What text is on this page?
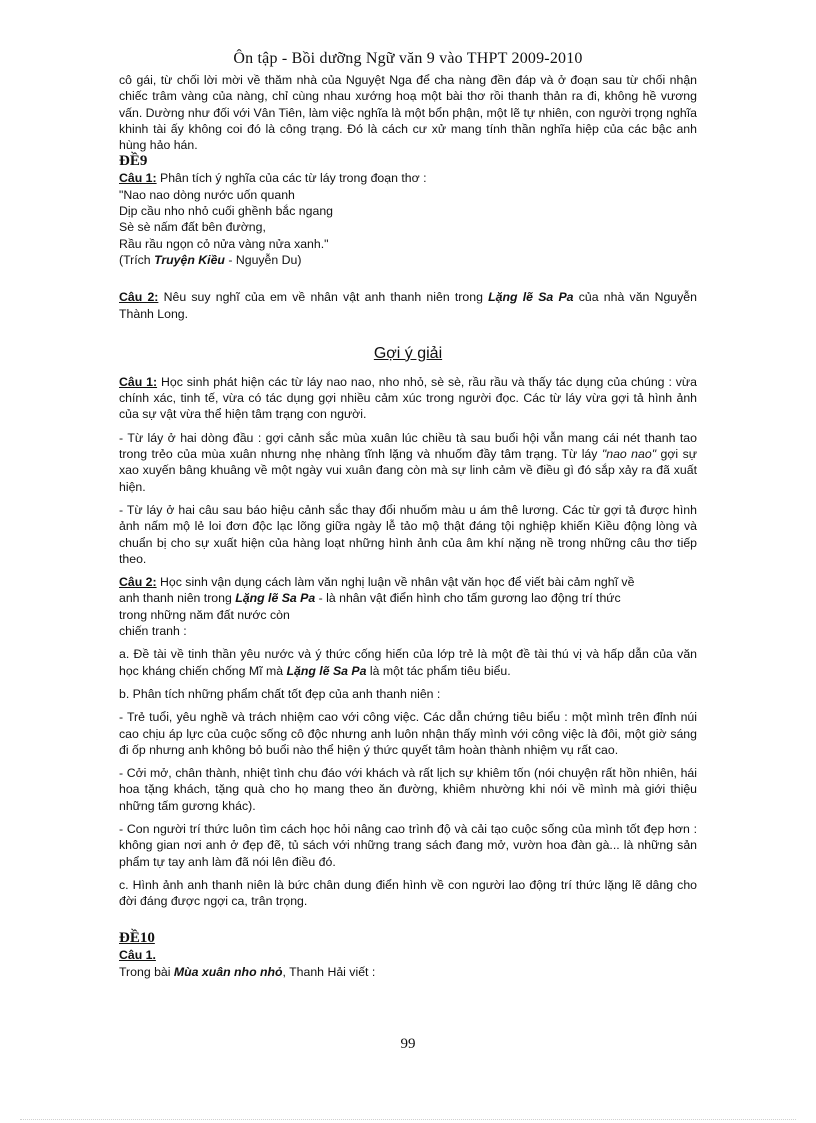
Ôn tập - Bồi dưỡng Ngữ văn 9 vào THPT 2009-2010

cô gái, từ chối lời mời về thăm nhà của Nguyệt Nga để cha nàng đền đáp và ở đoạn sau từ chối nhận chiếc trâm vàng của nàng, chỉ cùng nhau xướng hoạ một bài thơ rồi thanh thản ra đi, không hề vương vấn. Dường như đối với Vân Tiên, làm việc nghĩa là một bổn phận, một lẽ tự nhiên, con người trọng nghĩa khinh tài ấy không coi đó là công trạng. Đó là cách cư xử mang tính thần nghĩa hiệp của các bậc anh hùng hảo hán.

ĐỀ9

Câu 1: Phân tích ý nghĩa của các từ láy trong đoạn thơ :

"Nao nao dòng nước uốn quanh

Dịp cầu nho nhỏ cuối ghềnh bắc ngang

Sè sè nấm đất bên đường,

Rầu rầu ngọn cỏ nửa vàng nửa xanh."

(Trích Truyện Kiều - Nguyễn Du)

Câu 2: Nêu suy nghĩ của em về nhân vật anh thanh niên trong Lặng lẽ Sa Pa của nhà văn Nguyễn Thành Long.

Gợi ý giải

Câu 1: Học sinh phát hiện các từ láy nao nao, nho nhỏ, sè sè, rầu rầu và thấy tác dụng của chúng : vừa chính xác, tinh tế, vừa có tác dụng gợi nhiều cảm xúc trong người đọc. Các từ láy vừa gợi tả hình ảnh của sự vật vừa thể hiện tâm trạng con người.

- Từ láy ở hai dòng đầu : gợi cảnh sắc mùa xuân lúc chiều tà sau buổi hội vẫn mang cái nét thanh tao trong trẻo của mùa xuân nhưng nhẹ nhàng tĩnh lặng và nhuốm đầy tâm trạng. Từ láy "nao nao" gợi sự xao xuyến bâng khuâng về một ngày vui xuân đang còn mà sự linh cảm về điều gì đó sắp xảy ra đã xuất hiện.

- Từ láy ở hai câu sau báo hiệu cảnh sắc thay đổi nhuốm màu u ám thê lương. Các từ gợi tả được hình ảnh nấm mộ lẻ loi đơn độc lạc lõng giữa ngày lễ tảo mộ thật đáng tội nghiệp khiến Kiều động lòng và chuẩn bị cho sự xuất hiện của hàng loạt những hình ảnh của âm khí nặng nề trong những câu thơ tiếp theo.

Câu 2: Học sinh vận dụng cách làm văn nghị luận về nhân vật văn học để viết bài cảm nghĩ về
anh thanh niên trong Lặng lẽ Sa Pa - là nhân vật điển hình cho tấm gương lao động trí thức
trong những năm đất nước còn
chiến tranh :

a. Đề tài về tinh thần yêu nước và ý thức cống hiến của lớp trẻ là một đề tài thú vị và hấp dẫn của văn học kháng chiến chống Mĩ mà Lặng lẽ Sa Pa là một tác phẩm tiêu biểu.

b. Phân tích những phẩm chất tốt đẹp của anh thanh niên :

- Trẻ tuổi, yêu nghề và trách nhiệm cao với công việc. Các dẫn chứng tiêu biểu : một mình trên đỉnh núi cao chịu áp lực của cuộc sống cô độc nhưng anh luôn nhận thấy mình với công việc là đôi, một giờ sáng đi ốp nhưng anh không bỏ buổi nào thể hiện ý thức quyết tâm hoàn thành nhiệm vụ rất cao.

- Cởi mở, chân thành, nhiệt tình chu đáo với khách và rất lịch sự khiêm tốn (nói chuyện rất hồn nhiên, hái hoa tặng khách, tặng quà cho họ mang theo ăn đường, khiêm nhường khi nói về mình mà giới thiệu những tấm gương khác).

- Con người trí thức luôn tìm cách học hỏi nâng cao trình độ và cải tạo cuộc sống của mình tốt đẹp hơn : không gian nơi anh ở đẹp đẽ, tủ sách với những trang sách đang mở, vườn hoa đàn gà... là những sản phẩm tự tay anh làm đã nói lên điều đó.

c. Hình ảnh anh thanh niên là bức chân dung điển hình về con người lao động trí thức lặng lẽ dâng cho đời đáng được ngợi ca, trân trọng.

ĐỀ10

Câu 1.

Trong bài Mùa xuân nho nhỏ, Thanh Hải viết :

99
